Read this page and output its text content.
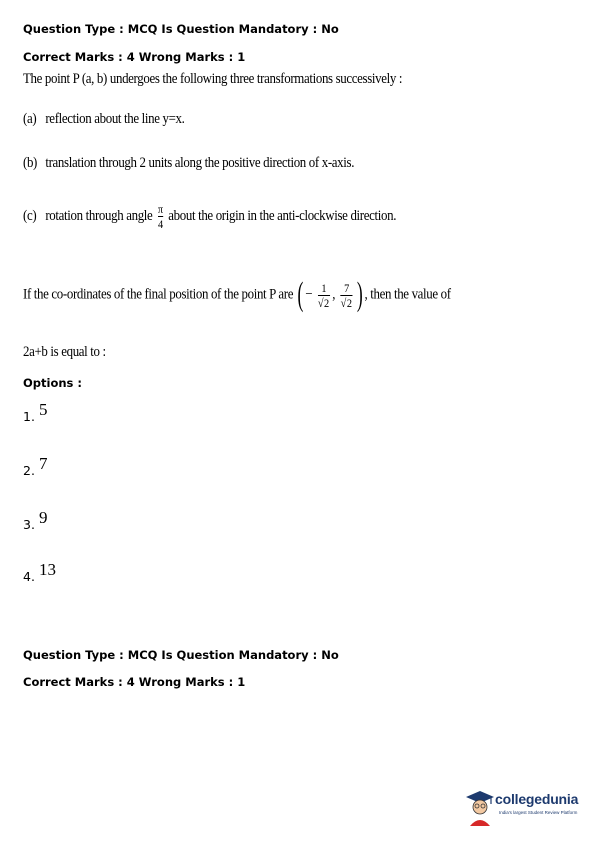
Question Type : MCQ Is Question Mandatory : No
Correct Marks : 4 Wrong Marks : 1
The point P (a, b) undergoes the following three transformations successively :
(a) reflection about the line y=x.
(b) translation through 2 units along the positive direction of x-axis.
(c) rotation through angle $\frac{\pi}{4}$ about the origin in the anti-clockwise direction.
If the co-ordinates of the final position of the point P are ( − $\frac{1}{√2}$ , $\frac{7}{√2}$ ) , then the value of
2a+b is equal to :
Options :
1. 5
2. 7
3. 9
4. 13
Question Type : MCQ Is Question Mandatory : No
Correct Marks : 4 Wrong Marks : 1
collegedunia
India's largest Student Review Platform
